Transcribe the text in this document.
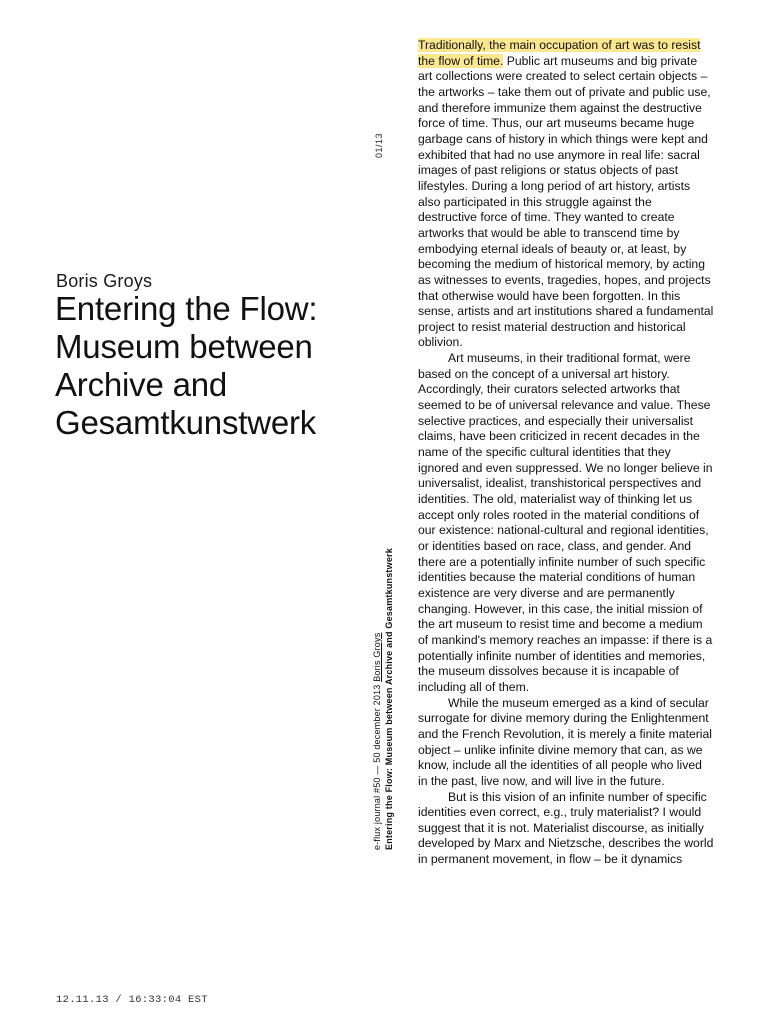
Boris Groys
Entering the Flow: Museum between Archive and Gesamtkunstwerk
01/13
e-flux journal #50 — 50 december 2013 Boris Groys Entering the Flow: Museum between Archive and Gesamtkunstwerk

Traditionally, the main occupation of art was to resist the flow of time. Public art museums and big private art collections were created to select certain objects – the artworks – take them out of private and public use, and therefore immunize them against the destructive force of time. Thus, our art museums became huge garbage cans of history in which things were kept and exhibited that had no use anymore in real life: sacral images of past religions or status objects of past lifestyles. During a long period of art history, artists also participated in this struggle against the destructive force of time. They wanted to create artworks that would be able to transcend time by embodying eternal ideals of beauty or, at least, by becoming the medium of historical memory, by acting as witnesses to events, tragedies, hopes, and projects that otherwise would have been forgotten. In this sense, artists and art institutions shared a fundamental project to resist material destruction and historical oblivion.

Art museums, in their traditional format, were based on the concept of a universal art history. Accordingly, their curators selected artworks that seemed to be of universal relevance and value. These selective practices, and especially their universalist claims, have been criticized in recent decades in the name of the specific cultural identities that they ignored and even suppressed. We no longer believe in universalist, idealist, transhistorical perspectives and identities. The old, materialist way of thinking let us accept only roles rooted in the material conditions of our existence: national-cultural and regional identities, or identities based on race, class, and gender. And there are a potentially infinite number of such specific identities because the material conditions of human existence are very diverse and are permanently changing. However, in this case, the initial mission of the art museum to resist time and become a medium of mankind's memory reaches an impasse: if there is a potentially infinite number of identities and memories, the museum dissolves because it is incapable of including all of them.

While the museum emerged as a kind of secular surrogate for divine memory during the Enlightenment and the French Revolution, it is merely a finite material object – unlike infinite divine memory that can, as we know, include all the identities of all people who lived in the past, live now, and will live in the future.

But is this vision of an infinite number of specific identities even correct, e.g., truly materialist? I would suggest that it is not. Materialist discourse, as initially developed by Marx and Nietzsche, describes the world in permanent movement, in flow – be it dynamics

12.11.13 / 16:33:04 EST
